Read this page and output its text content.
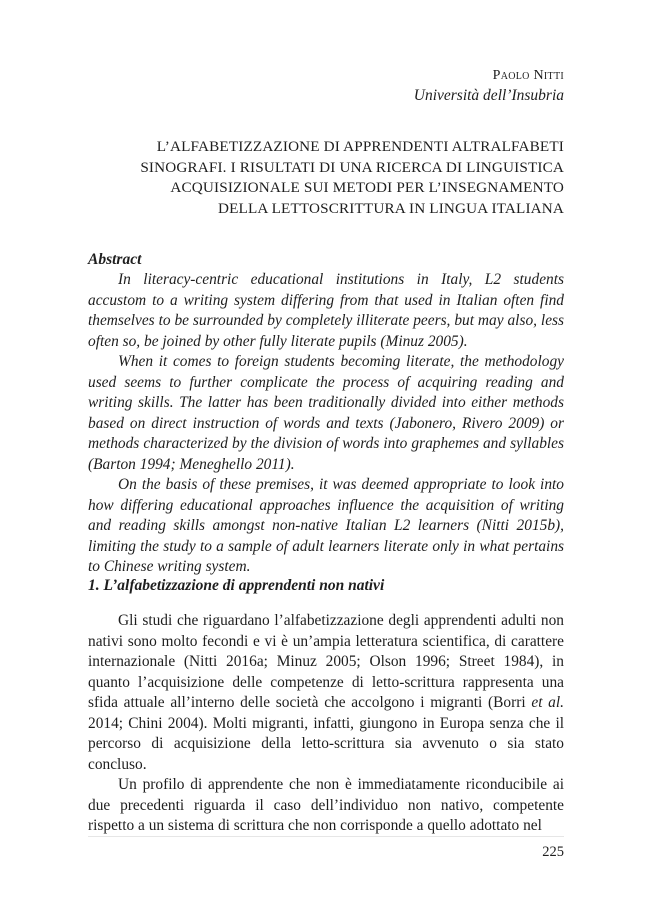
Paolo Nitti
Università dell’Insubria
L’ALFABETIZZAZIONE DI APPRENDENTI ALTRALFABETI
SINOGRAFI. I RISULTATI DI UNA RICERCA DI LINGUISTICA
ACQUISIZIONALE SUI METODI PER L’INSEGNAMENTO
DELLA LETTOSCRITTURA IN LINGUA ITALIANA
Abstract

In literacy-centric educational institutions in Italy, L2 students accustom to a writing system differing from that used in Italian often find themselves to be surrounded by completely illiterate peers, but may also, less often so, be joined by other fully literate pupils (Minuz 2005).

When it comes to foreign students becoming literate, the methodology used seems to further complicate the process of acquiring reading and writing skills. The latter has been traditionally divided into either methods based on direct instruction of words and texts (Jabonero, Rivero 2009) or methods characterized by the division of words into graphemes and syllables (Barton 1994; Meneghello 2011).

On the basis of these premises, it was deemed appropriate to look into how differing educational approaches influence the acquisition of writing and reading skills amongst non-native Italian L2 learners (Nitti 2015b), limiting the study to a sample of adult learners literate only in what pertains to Chinese writing system.

1. L’alfabetizzazione di apprendenti non nativi

Gli studi che riguardano l’alfabetizzazione degli apprendenti adulti non nativi sono molto fecondi e vi è un’ampia letteratura scientifica, di carattere internazionale (Nitti 2016a; Minuz 2005; Olson 1996; Street 1984), in quanto l’acquisizione delle competenze di letto-scrittura rappresenta una sfida attuale all’interno delle società che accolgono i migranti (Borri et al. 2014; Chini 2004). Molti migranti, infatti, giungono in Europa senza che il percorso di acquisizione della letto-scrittura sia avvenuto o sia stato concluso.

Un profilo di apprendente che non è immediatamente riconducibile ai due precedenti riguarda il caso dell’individuo non nativo, competente rispetto a un sistema di scrittura che non corrisponde a quello adottato nel

225
